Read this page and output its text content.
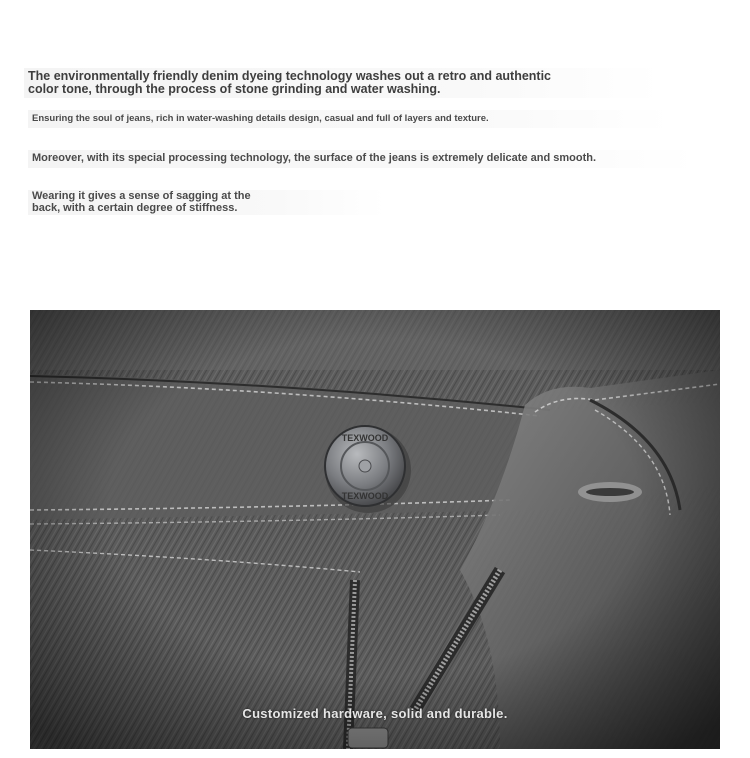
The environmentally friendly denim dyeing technology washes out a retro and authentic
color tone, through the process of stone grinding and water washing.
Ensuring the soul of jeans, rich in water-washing details design, casual and full of layers and texture.
Moreover, with its special processing technology, the surface of the jeans is extremely delicate and smooth.
Wearing it gives a sense of sagging at the
back, with a certain degree of stiffness.
Customized hardware, solid and durable.
